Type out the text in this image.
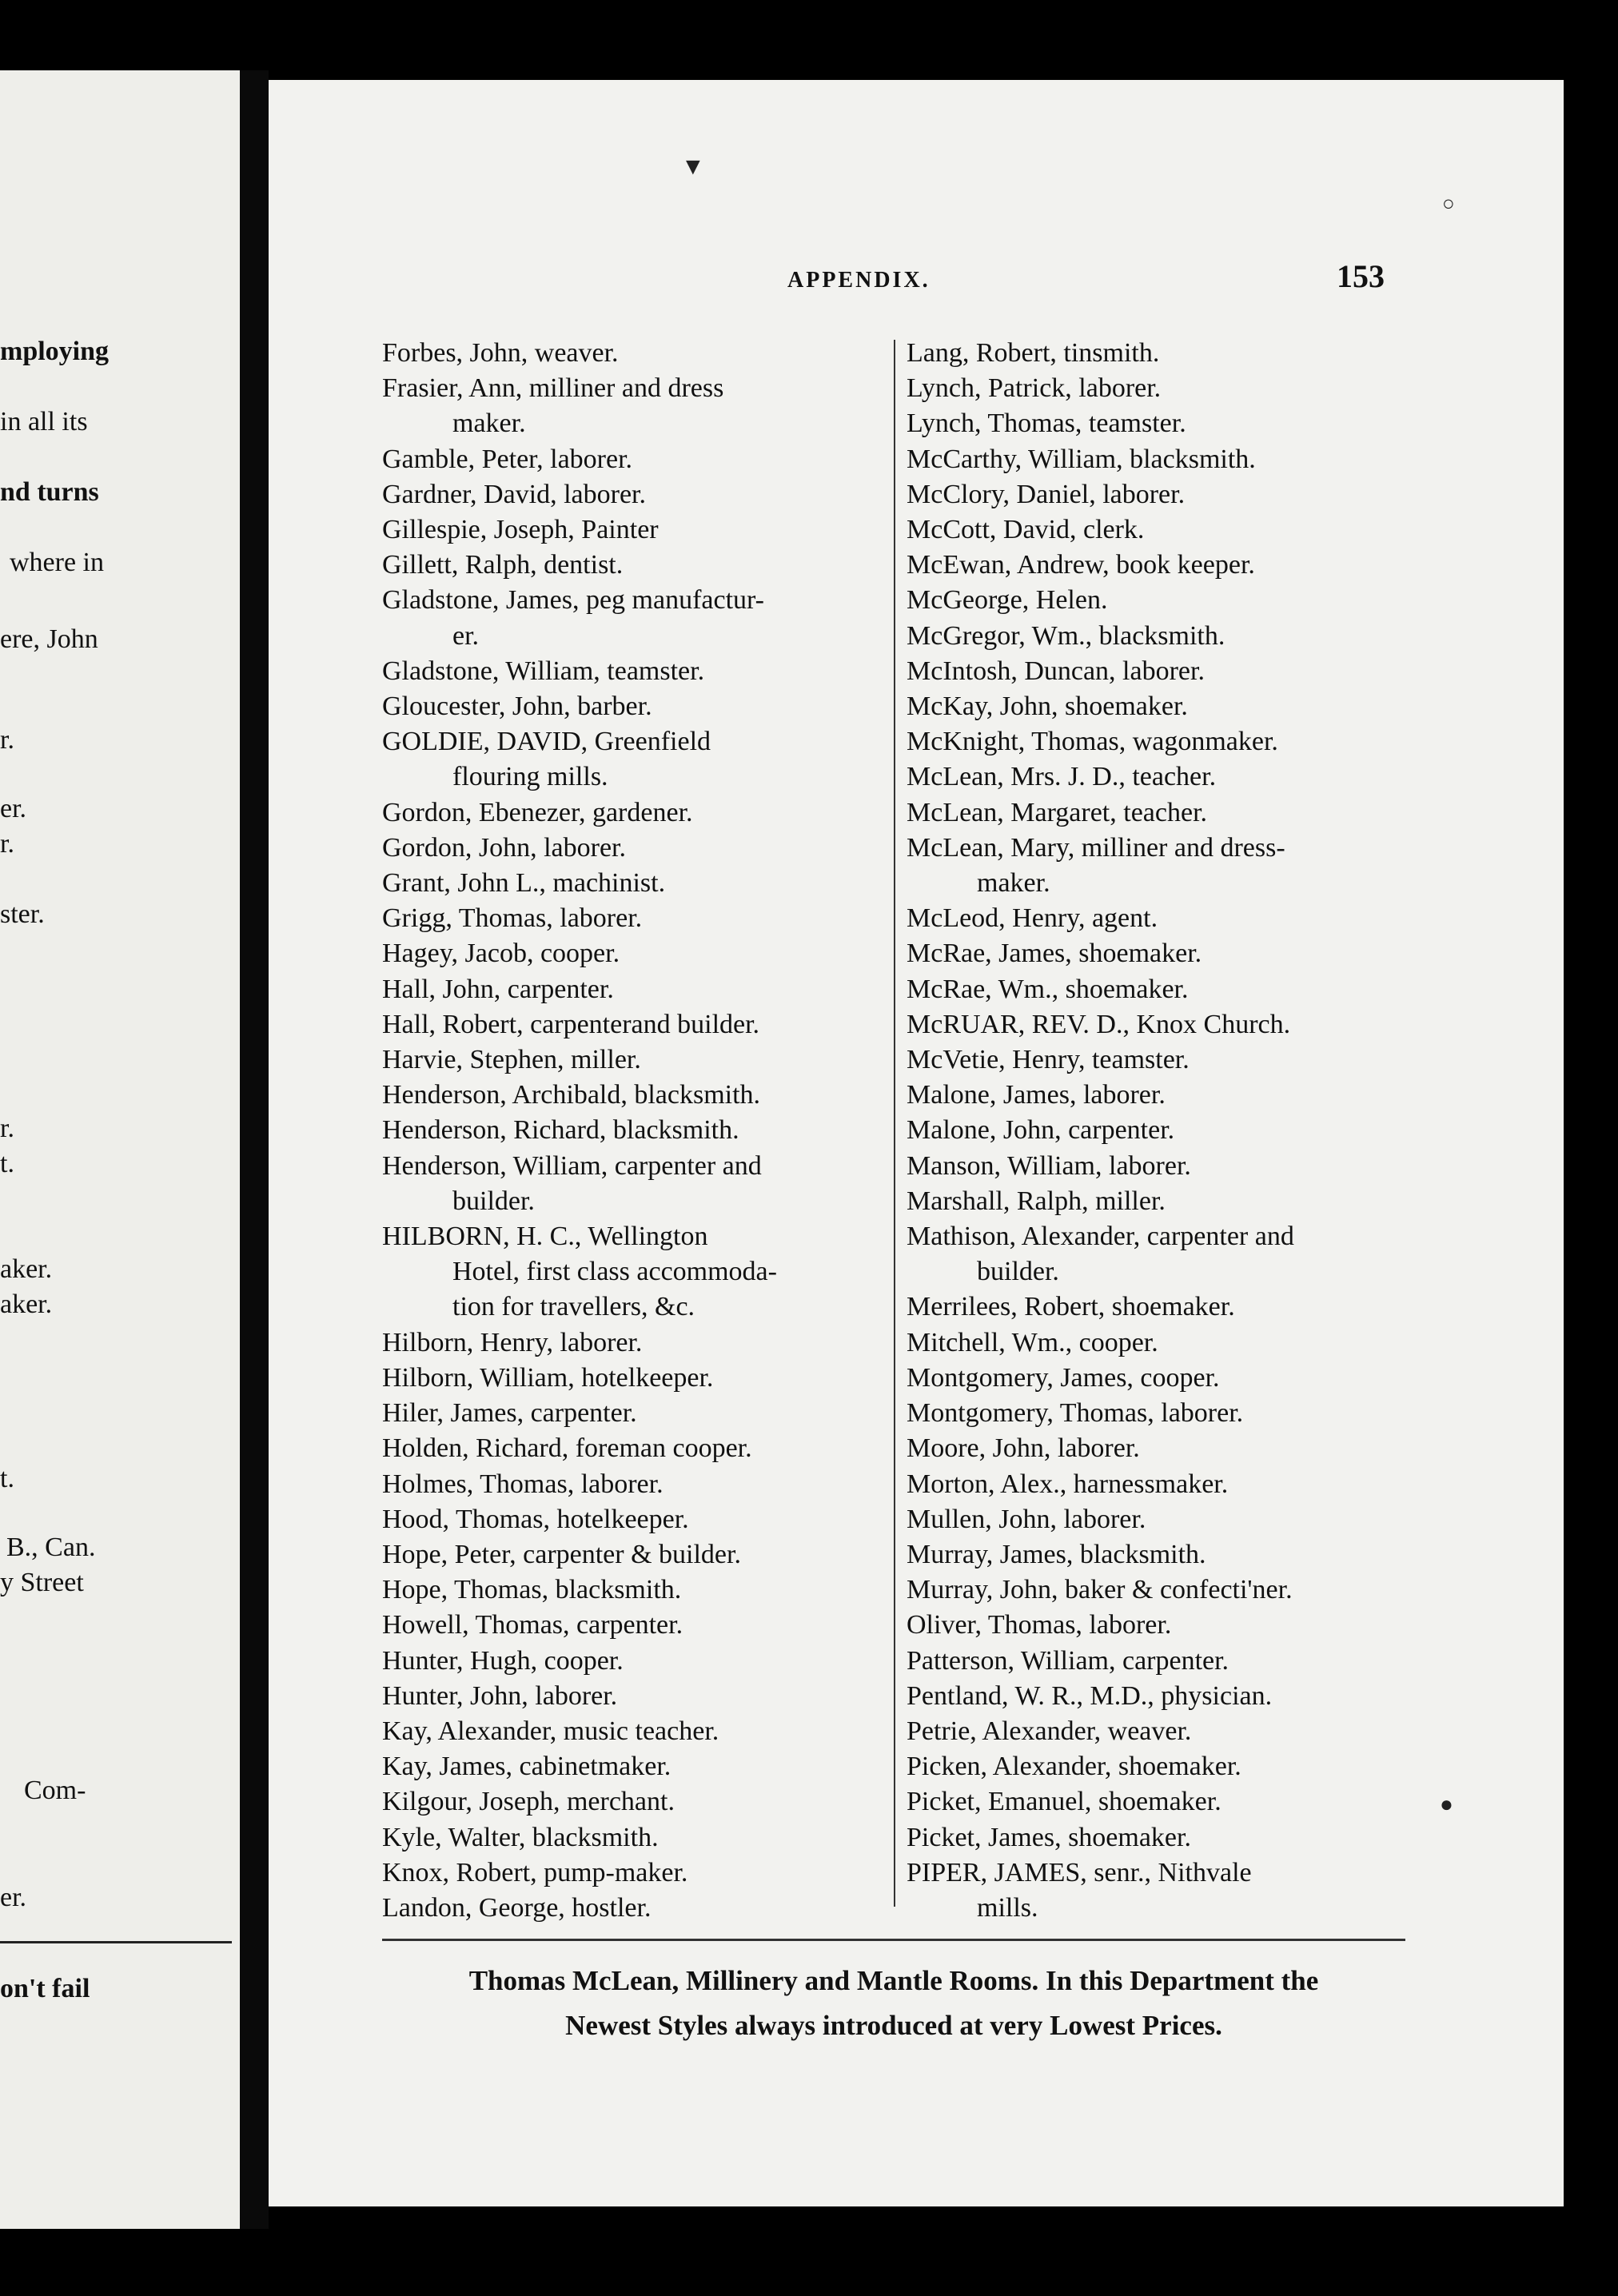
mploying
in all its
nd turns
where in
ere, John
r.
er.
r.
ster.
r.
t.
aker.
aker.
t.
B., Can.
y Street
Com-
er.
on't fail
▼
○
●
APPENDIX.	153
Forbes, John, weaver.
Frasier, Ann, milliner and dress
maker.
Gamble, Peter, laborer.
Gardner, David, laborer.
Gillespie, Joseph, Painter
Gillett, Ralph, dentist.
Gladstone, James, peg manufactur-
er.
Gladstone, William, teamster.
Gloucester, John, barber.
GOLDIE, DAVID, Greenfield
flouring mills.
Gordon, Ebenezer, gardener.
Gordon, John, laborer.
Grant, John L., machinist.
Grigg, Thomas, laborer.
Hagey, Jacob, cooper.
Hall, John, carpenter.
Hall, Robert, carpenterand builder.
Harvie, Stephen, miller.
Henderson, Archibald, blacksmith.
Henderson, Richard, blacksmith.
Henderson, William, carpenter and
builder.
HILBORN, H. C., Wellington
Hotel, first class accommoda-
tion for travellers, &c.
Hilborn, Henry, laborer.
Hilborn, William, hotelkeeper.
Hiler, James, carpenter.
Holden, Richard, foreman cooper.
Holmes, Thomas, laborer.
Hood, Thomas, hotelkeeper.
Hope, Peter, carpenter & builder.
Hope, Thomas, blacksmith.
Howell, Thomas, carpenter.
Hunter, Hugh, cooper.
Hunter, John, laborer.
Kay, Alexander, music teacher.
Kay, James, cabinetmaker.
Kilgour, Joseph, merchant.
Kyle, Walter, blacksmith.
Knox, Robert, pump-maker.
Landon, George, hostler.
Lang, Robert, tinsmith.
Lynch, Patrick, laborer.
Lynch, Thomas, teamster.
McCarthy, William, blacksmith.
McClory, Daniel, laborer.
McCott, David, clerk.
McEwan, Andrew, book keeper.
McGeorge, Helen.
McGregor, Wm., blacksmith.
McIntosh, Duncan, laborer.
McKay, John, shoemaker.
McKnight, Thomas, wagonmaker.
McLean, Mrs. J. D., teacher.
McLean, Margaret, teacher.
McLean, Mary, milliner and dress-
maker.
McLeod, Henry, agent.
McRae, James, shoemaker.
McRae, Wm., shoemaker.
McRUAR, REV. D., Knox Church.
McVetie, Henry, teamster.
Malone, James, laborer.
Malone, John, carpenter.
Manson, William, laborer.
Marshall, Ralph, miller.
Mathison, Alexander, carpenter and
builder.
Merrilees, Robert, shoemaker.
Mitchell, Wm., cooper.
Montgomery, James, cooper.
Montgomery, Thomas, laborer.
Moore, John, laborer.
Morton, Alex., harnessmaker.
Mullen, John, laborer.
Murray, James, blacksmith.
Murray, John, baker & confecti'ner.
Oliver, Thomas, laborer.
Patterson, William, carpenter.
Pentland, W. R., M.D., physician.
Petrie, Alexander, weaver.
Picken, Alexander, shoemaker.
Picket, Emanuel, shoemaker.
Picket, James, shoemaker.
PIPER, JAMES, senr., Nithvale
mills.
Thomas McLean, Millinery and Mantle Rooms. In this Department the
Newest Styles always introduced at very Lowest Prices.
